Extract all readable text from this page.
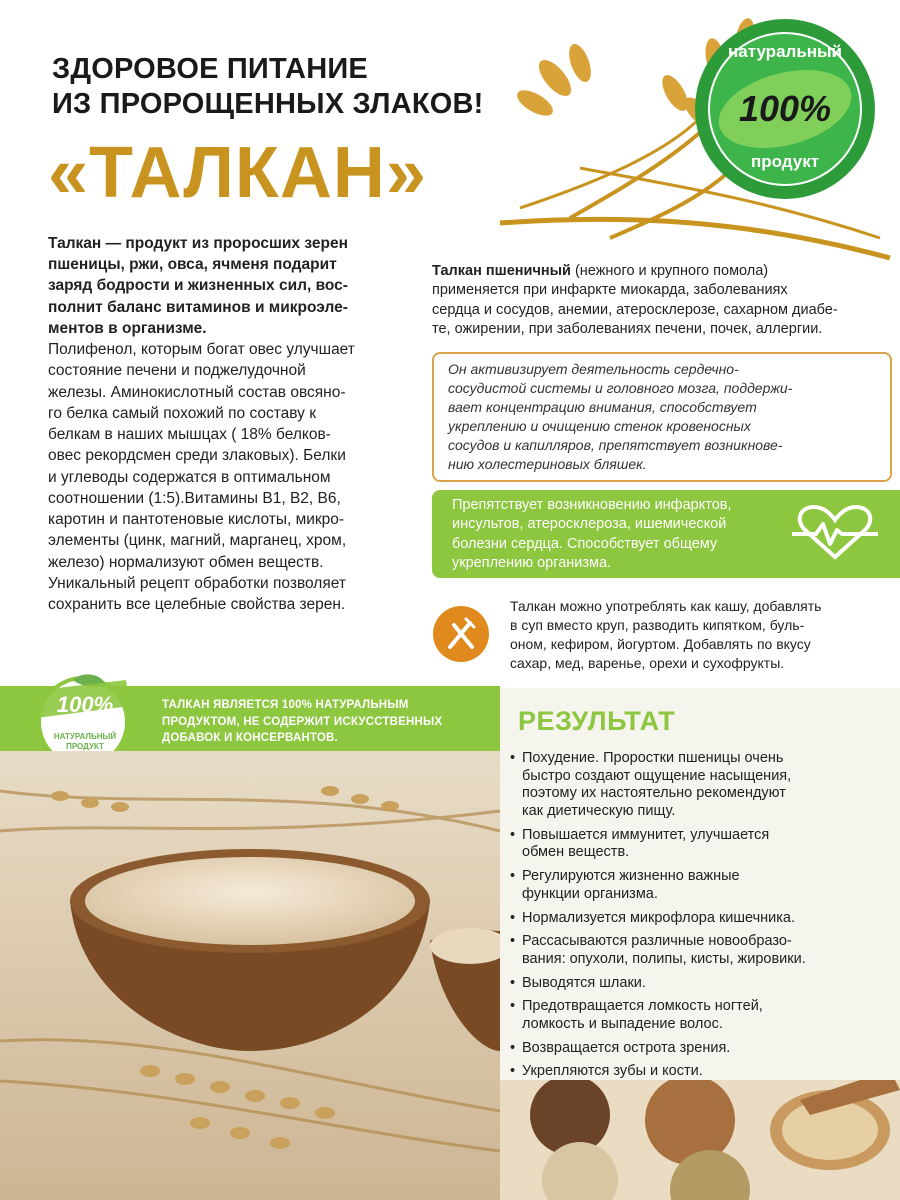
ЗДОРОВОЕ ПИТАНИЕ
ИЗ ПРОРОЩЕННЫХ ЗЛАКОВ!
«ТАЛКАН»
натуральный
100%
продукт
Талкан — продукт из проросших зерен
пшеницы, ржи, овса, ячменя подарит
заряд бодрости и жизненных сил, вос-
полнит баланс витаминов и микроэле-
ментов в организме.
Полифенол, которым богат овес улучшает
состояние печени и поджелудочной
железы. Аминокислотный состав овсяно-
го белка самый похожий по составу к
белкам в наших мышцах ( 18% белков-
овес рекордсмен среди злаковых). Белки
и углеводы содержатся в оптимальном
соотношении (1:5).Витамины В1, В2, В6,
каротин и пантотеновые кислоты, микро-
элементы (цинк, магний, марганец, хром,
железо) нормализуют обмен веществ.
Уникальный рецепт обработки позволяет
сохранить все целебные свойства зерен.
Талкан пшеничный (нежного и крупного помола)
применяется при инфаркте миокарда, заболеваниях
сердца и сосудов, анемии, атеросклерозе, сахарном диабе-
те, ожирении, при заболеваниях печени, почек, аллергии.
Он активизирует деятельность сердечно-
сосудистой системы и головного мозга, поддержи-
вает концентрацию внимания, способствует
укреплению и очищению стенок кровеносных
сосудов и капилляров, препятствует возникнове-
нию холестериновых бляшек.
Препятствует возникновению инфарктов,
инсультов, атеросклероза, ишемической
болезни сердца. Способствует общему
укреплению организма.
Талкан можно употреблять как кашу, добавлять
в суп вместо круп, разводить кипятком, буль-
оном, кефиром, йогуртом. Добавлять по вкусу
сахар, мед, варенье, орехи и сухофрукты.
ТАЛКАН ЯВЛЯЕТСЯ 100% НАТУРАЛЬНЫМ
ПРОДУКТОМ, НЕ СОДЕРЖИТ ИСКУССТВЕННЫХ
ДОБАВОК И КОНСЕРВАНТОВ.
100%
НАТУРАЛЬНЫЙ
ПРОДУКТ
РЕЗУЛЬТАТ
• Похудение. Проростки пшеницы очень
быстро создают ощущение насыщения,
поэтому их настоятельно рекомендуют
как диетическую пищу.
• Повышается иммунитет, улучшается
обмен веществ.
• Регулируются жизненно важные
функции организма.
• Нормализуется микрофлора кишечника.
• Рассасываются различные новообразо-
вания: опухоли, полипы, кисты, жировики.
• Выводятся шлаки.
• Предотвращается ломкость ногтей,
ломкость и выпадение волос.
• Возвращается острота зрения.
• Укрепляются зубы и кости.
